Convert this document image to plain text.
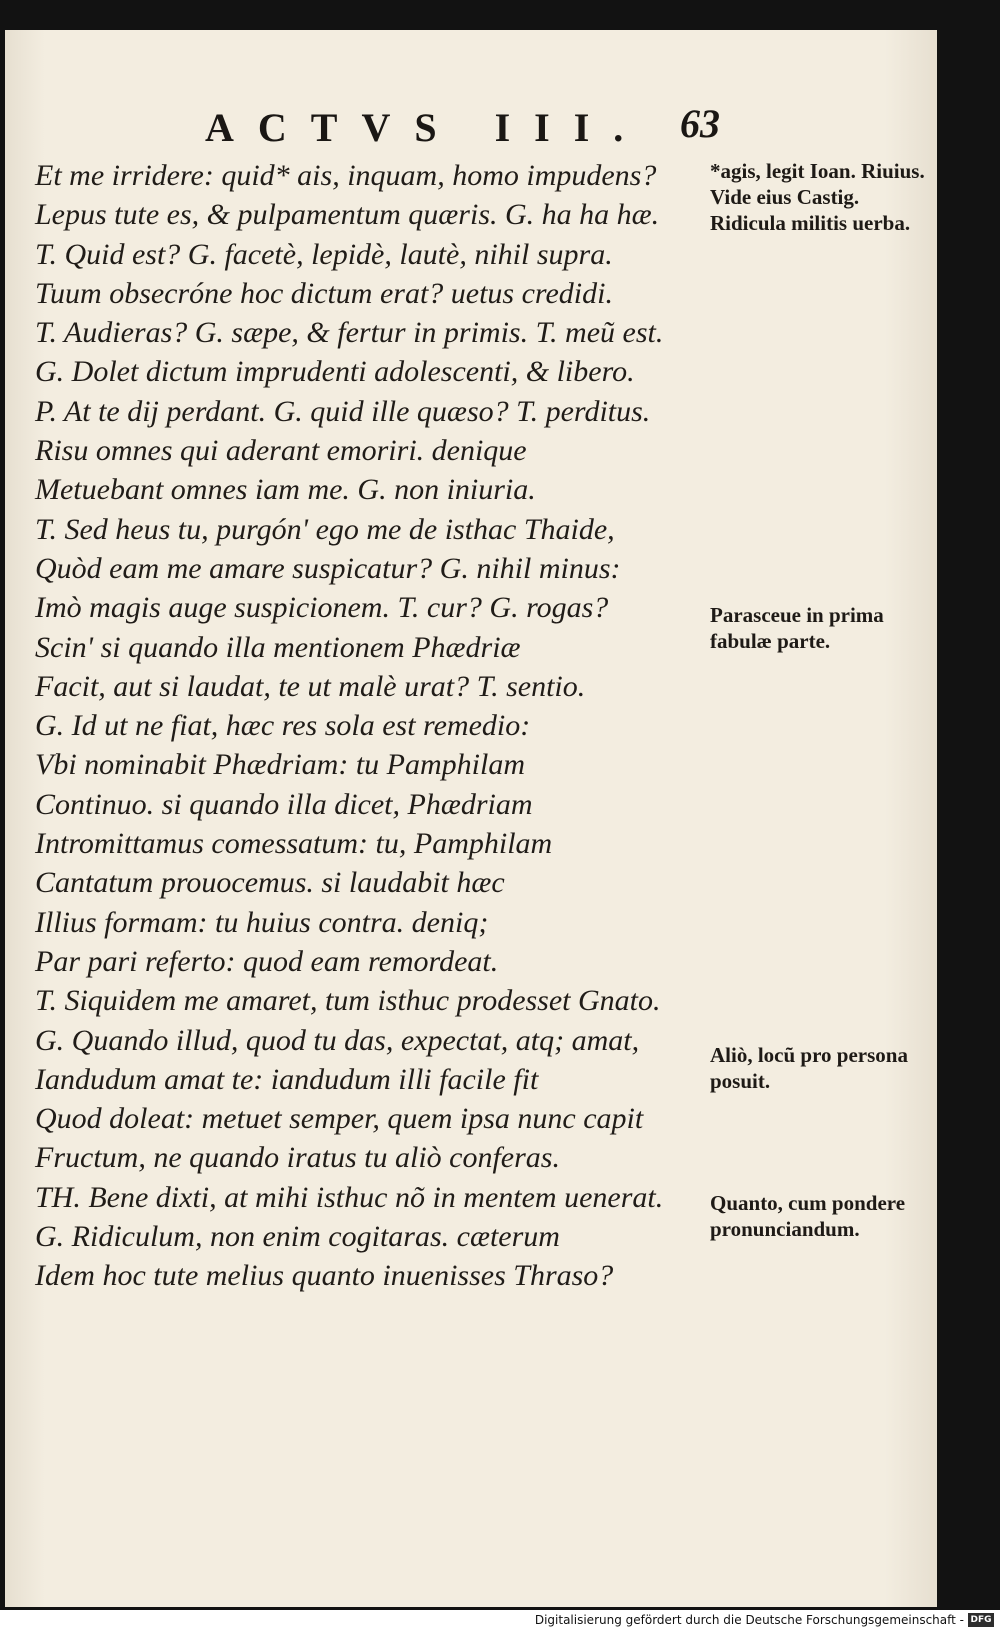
ACTVS III. 63
Et me irridere: quid* ais, inquam, homo impudens?
Lepus tute es, & pulpamentum quæris. G. ha ha hæ.
T. Quid est? G. facetè, lepidè, lautè, nihil supra.
Tuum obsecróne hoc dictum erat? uetus credidi.
T. Audieras? G. sæpe, & fertur in primis. T. meũ est.
G. Dolet dictum imprudenti adolescenti, & libero.
P. At te dij perdant. G. quid ille quæso? T. perditus.
Risu omnes qui aderant emoriri. denique
Metuebant omnes iam me. G. non iniuria.
T. Sed heus tu, purgón' ego me de isthac Thaide,
Quòd eam me amare suspicatur? G. nihil minus:
Imò magis auge suspicionem. T. cur? G. rogas?
Scin' si quando illa mentionem Phædriæ
Facit, aut si laudat, te ut malè urat? T. sentio.
G. Id ut ne fiat, hæc res sola est remedio:
Vbi nominabit Phædriam: tu Pamphilam
Continuo. si quando illa dicet, Phædriam
Intromittamus comessatum: tu, Pamphilam
Cantatum prouocemus. si laudabit hæc
Illius formam: tu huius contra. deniq;
Par pari referto: quod eam remordeat.
T. Siquidem me amaret, tum isthuc prodesset Gnato.
G. Quando illud, quod tu das, expectat, atq; amat,
Iandudum amat te: iandudum illi facile fit
Quod doleat: metuet semper, quem ipsa nunc capit
Fructum, ne quando iratus tu aliò conferas.
TH. Bene dixti, at mihi isthuc nõ in mentem uenerat.
G. Ridiculum, non enim cogitaras. cæterum
Idem hoc tute melius quanto inuenisses Thraso?
*agis, legit Ioan. Riuius. Vide eius Castig. Ridicula militis uerba.
Parasceue in prima fabulæ parte.
Aliò, locũ pro persona posuit.
Quanto, cum pondere pronunciandum.
Digitalisierung gefördert durch die Deutsche Forschungsgemeinschaft - DFG
